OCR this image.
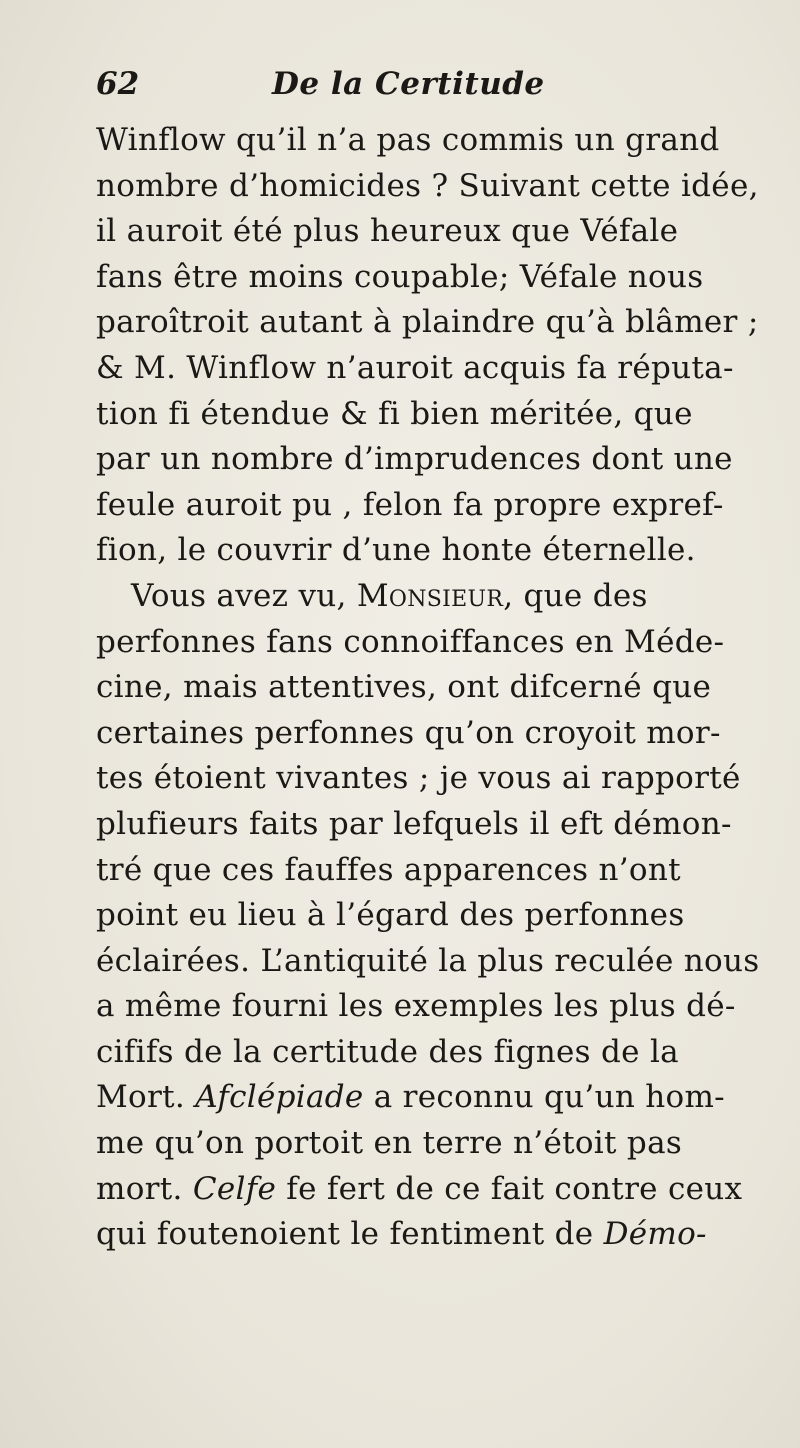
62	De la Certitude
Winflow qu’il n’a pas commis un grand
nombre d’homicides ? Suivant cette idée,
il auroit été plus heureux que Véfale
fans être moins coupable; Véfale nous
paroîtroit autant à plaindre qu’à blâmer ;
& M. Winflow n’auroit acquis fa réputa-
tion fi étendue & fi bien méritée, que
par un nombre d’imprudences dont une
feule auroit pu , felon fa propre expref-
fion, le couvrir d’une honte éternelle.
Vous avez vu, Monsieur, que des
perfonnes fans connoiffances en Méde-
cine, mais attentives, ont difcerné que
certaines perfonnes qu’on croyoit mor-
tes étoient vivantes ; je vous ai rapporté
plufieurs faits par lefquels il eft démon-
tré que ces fauffes apparences n’ont
point eu lieu à l’égard des perfonnes
éclairées. L’antiquité la plus reculée nous
a même fourni les exemples les plus dé-
cififs de la certitude des fignes de la
Mort. Afclépiade a reconnu qu’un hom-
me qu’on portoit en terre n’étoit pas
mort. Celfe fe fert de ce fait contre ceux
qui foutenoient le fentiment de Démo-
